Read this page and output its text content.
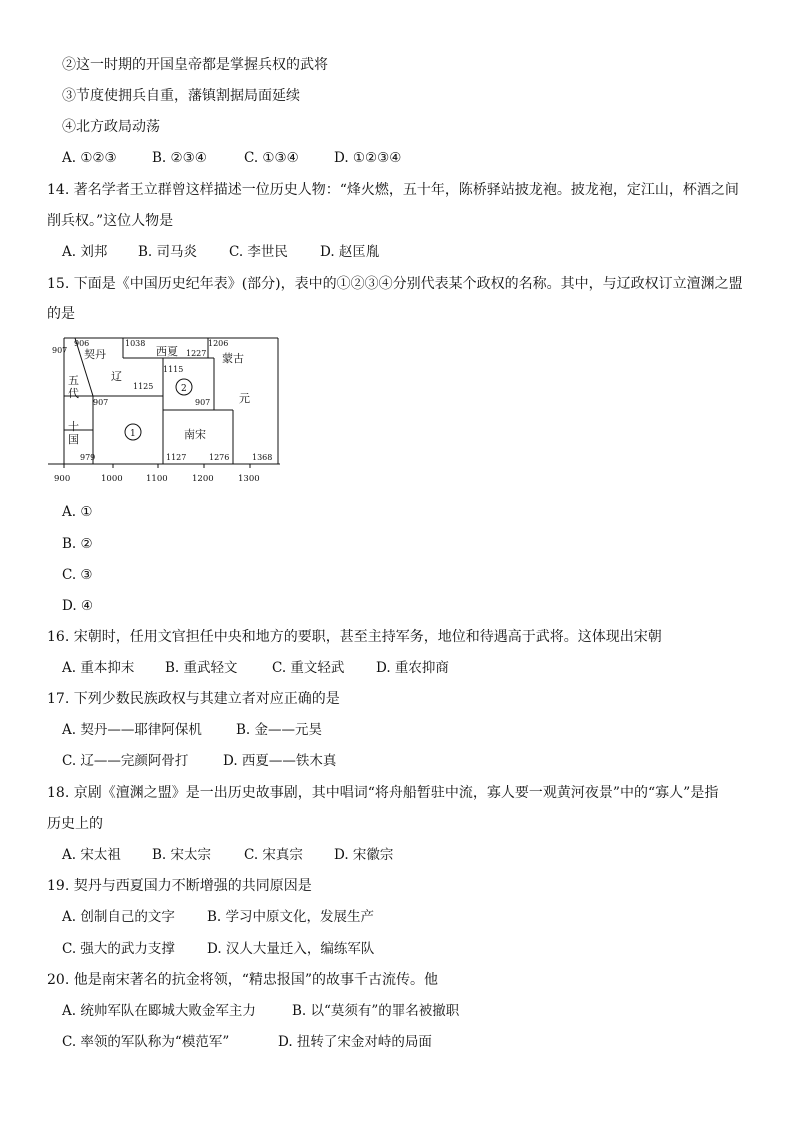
②这一时期的开国皇帝都是掌握兵权的武将
③节度使拥兵自重，藩镇割据局面延续
④北方政局动荡
A. ①②③	B. ②③④	C. ①③④	D. ①②③④
14. 著名学者王立群曾这样描述一位历史人物：“烽火燃，五十年，陈桥驿站披龙袍。披龙袍，定江山，杯酒之间
削兵权。”这位人物是
A. 刘邦 B. 司马炎 C. 李世民 D. 赵匡胤
15. 下面是《中国历史纪年表》(部分)，表中的①②③④分别代表某个政权的名称。其中，与辽政权订立澶渊之盟
的是
907
906	1038	1206
1227
1115
1125
907	907
979	1127	1276	1368
契丹
辽
西夏
蒙古
元
南宋
五
代
十
国	1
2
900	1000	1100	1200	1300
A. ①
B. ②
C. ③
D. ④
16. 宋朝时，任用文官担任中央和地方的要职，甚至主持军务，地位和待遇高于武将。这体现出宋朝
A. 重本抑末 B. 重武轻文	C. 重文轻武 D. 重农抑商
17. 下列少数民族政权与其建立者对应正确的是
A. 契丹——耶律阿保机	B. 金——元昊
C. 辽——完颜阿骨打	D. 西夏——铁木真
18. 京剧《澶渊之盟》是一出历史故事剧，其中唱词“将舟船暂驻中流，寡人要一观黄河夜景”中的“寡人”是指
历史上的
A. 宋太祖 B. 宋太宗 C. 宋真宗 D. 宋徽宗
19. 契丹与西夏国力不断增强的共同原因是
A. 创制自己的文字 B. 学习中原文化，发展生产
C. 强大的武力支撑 D. 汉人大量迁入，编练军队
20. 他是南宋著名的抗金将领，“精忠报国”的故事千古流传。他
A. 统帅军队在郾城大败金军主力	B. 以“莫须有”的罪名被撤职
C. 率领的军队称为“模范军”	D. 扭转了宋金对峙的局面
